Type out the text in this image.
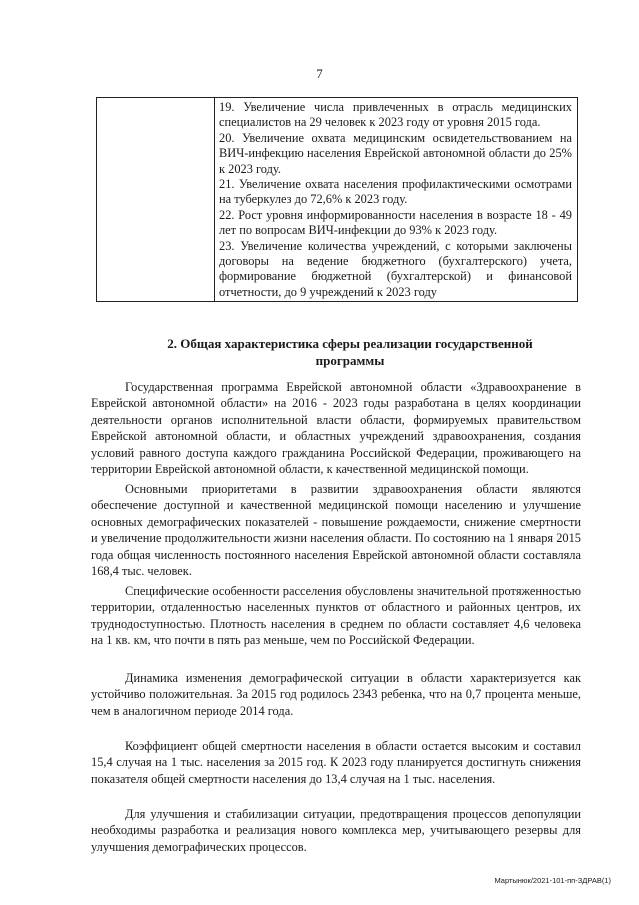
7

19. Увеличение числа привлеченных в отрасль медицинских специалистов на 29 человек к 2023 году от уровня 2015 года.

20. Увеличение охвата медицинским освидетельствованием на ВИЧ-инфекцию населения Еврейской автономной области до 25% к 2023 году.

21. Увеличение охвата населения профилактическими осмотрами на туберкулез до 72,6% к 2023 году.

22. Рост уровня информированности населения в возрасте 18 - 49 лет по вопросам ВИЧ-инфекции до 93% к 2023 году.

23. Увеличение количества учреждений, с которыми заключены договоры на ведение бюджетного (бухгалтерского) учета, формирование бюджетной (бухгалтерской) и финансовой отчетности, до 9 учреждений к 2023 году

2. Общая характеристика сферы реализации государственной
программы

Государственная программа Еврейской автономной области «Здравоохранение в Еврейской автономной области» на 2016 - 2023 годы разработана в целях координации деятельности органов исполнительной власти области, формируемых правительством Еврейской автономной области, и областных учреждений здравоохранения, создания условий равного доступа каждого гражданина Российской Федерации, проживающего на территории Еврейской автономной области, к качественной медицинской помощи.

Основными приоритетами в развитии здравоохранения области являются обеспечение доступной и качественной медицинской помощи населению и улучшение основных демографических показателей - повышение рождаемости, снижение смертности и увеличение продолжительности жизни населения области. По состоянию на 1 января 2015 года общая численность постоянного населения Еврейской автономной области составляла 168,4 тыс. человек.

Специфические особенности расселения обусловлены значительной протяженностью территории, отдаленностью населенных пунктов от областного и районных центров, их труднодоступностью. Плотность населения в среднем по области составляет 4,6 человека на 1 кв. км, что почти в пять раз меньше, чем по Российской Федерации.

Динамика изменения демографической ситуации в области характеризуется как устойчиво положительная. За 2015 год родилось 2343 ребенка, что на 0,7 процента меньше, чем в аналогичном периоде 2014 года.

Коэффициент общей смертности населения в области остается высоким и составил 15,4 случая на 1 тыс. населения за 2015 год. К 2023 году планируется достигнуть снижения показателя общей смертности населения до 13,4 случая на 1 тыс. населения.

Для улучшения и стабилизации ситуации, предотвращения процессов депопуляции необходимы разработка и реализация нового комплекса мер, учитывающего резервы для улучшения демографических процессов.

Мартынюк/2021-101-пп-ЗДРАВ(1)
